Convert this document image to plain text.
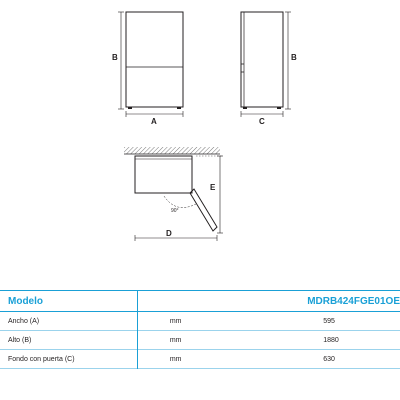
B
A
B
C
90°
E
D
Modelo		MDRB424FGE01OE
Ancho (A)	mm	595
Alto (B)	mm	1880
Fondo con puerta (C)	mm	630
